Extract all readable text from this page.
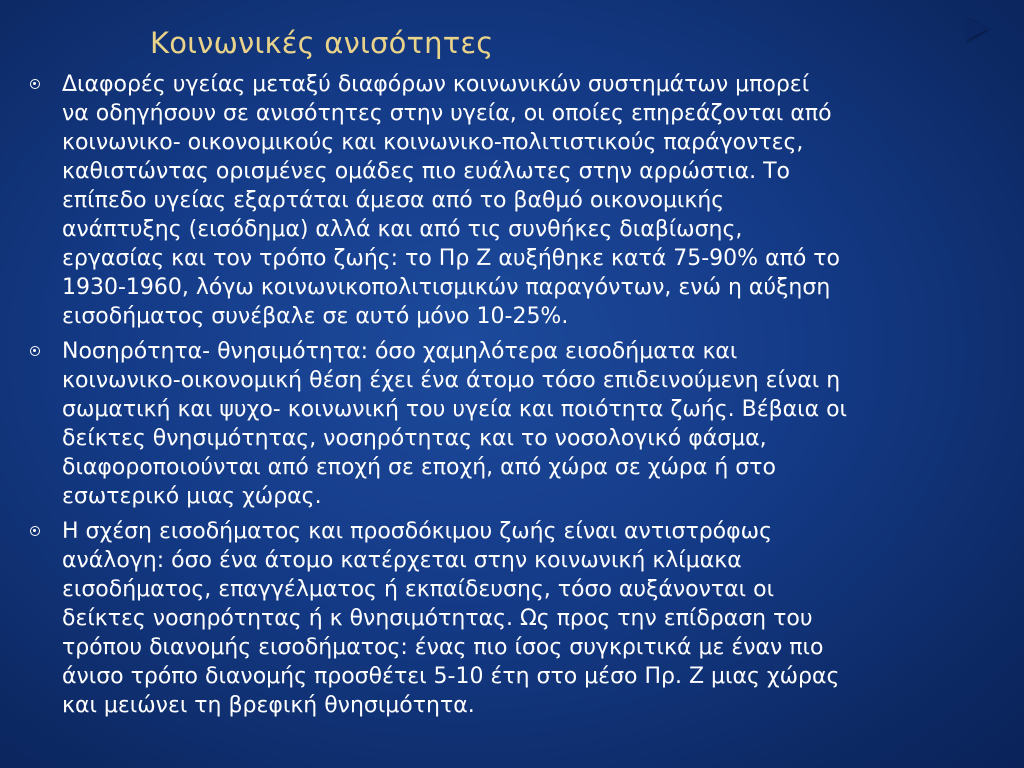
Κοινωνικές ανισότητες
Διαφορές υγείας μεταξύ διαφόρων κοινωνικών συστημάτων μπορεί
να οδηγήσουν σε ανισότητες στην υγεία, οι οποίες επηρεάζονται από
κοινωνικο- οικονομικούς και κοινωνικο-πολιτιστικούς παράγοντες,
καθιστώντας ορισμένες ομάδες πιο ευάλωτες στην αρρώστια. Το
επίπεδο υγείας εξαρτάται άμεσα από το βαθμό οικονομικής
ανάπτυξης (εισόδημα) αλλά και από τις συνθήκες διαβίωσης,
εργασίας και τον τρόπο ζωής: το Πρ Ζ αυξήθηκε κατά 75-90% από το
1930-1960, λόγω κοινωνικοπολιτισμικών παραγόντων, ενώ η αύξηση
εισοδήματος συνέβαλε σε αυτό μόνο 10-25%.
Νοσηρότητα- θνησιμότητα: όσο χαμηλότερα εισοδήματα και
κοινωνικο-οικονομική θέση έχει ένα άτομο τόσο επιδεινούμενη είναι η
σωματική και ψυχο- κοινωνική του υγεία και ποιότητα ζωής. Βέβαια οι
δείκτες θνησιμότητας, νοσηρότητας και το νοσολογικό φάσμα,
διαφοροποιούνται από εποχή σε εποχή, από χώρα σε χώρα ή στο
εσωτερικό μιας χώρας.
Η σχέση εισοδήματος και προσδόκιμου ζωής είναι αντιστρόφως
ανάλογη: όσο ένα άτομο κατέρχεται στην κοινωνική κλίμακα
εισοδήματος, επαγγέλματος ή εκπαίδευσης, τόσο αυξάνονται οι
δείκτες νοσηρότητας ή κ θνησιμότητας. Ως προς την επίδραση του
τρόπου διανομής εισοδήματος: ένας πιο ίσος συγκριτικά με έναν πιο
άνισο τρόπο διανομής προσθέτει 5-10 έτη στο μέσο Πρ. Ζ μιας χώρας
και μειώνει τη βρεφική θνησιμότητα.
